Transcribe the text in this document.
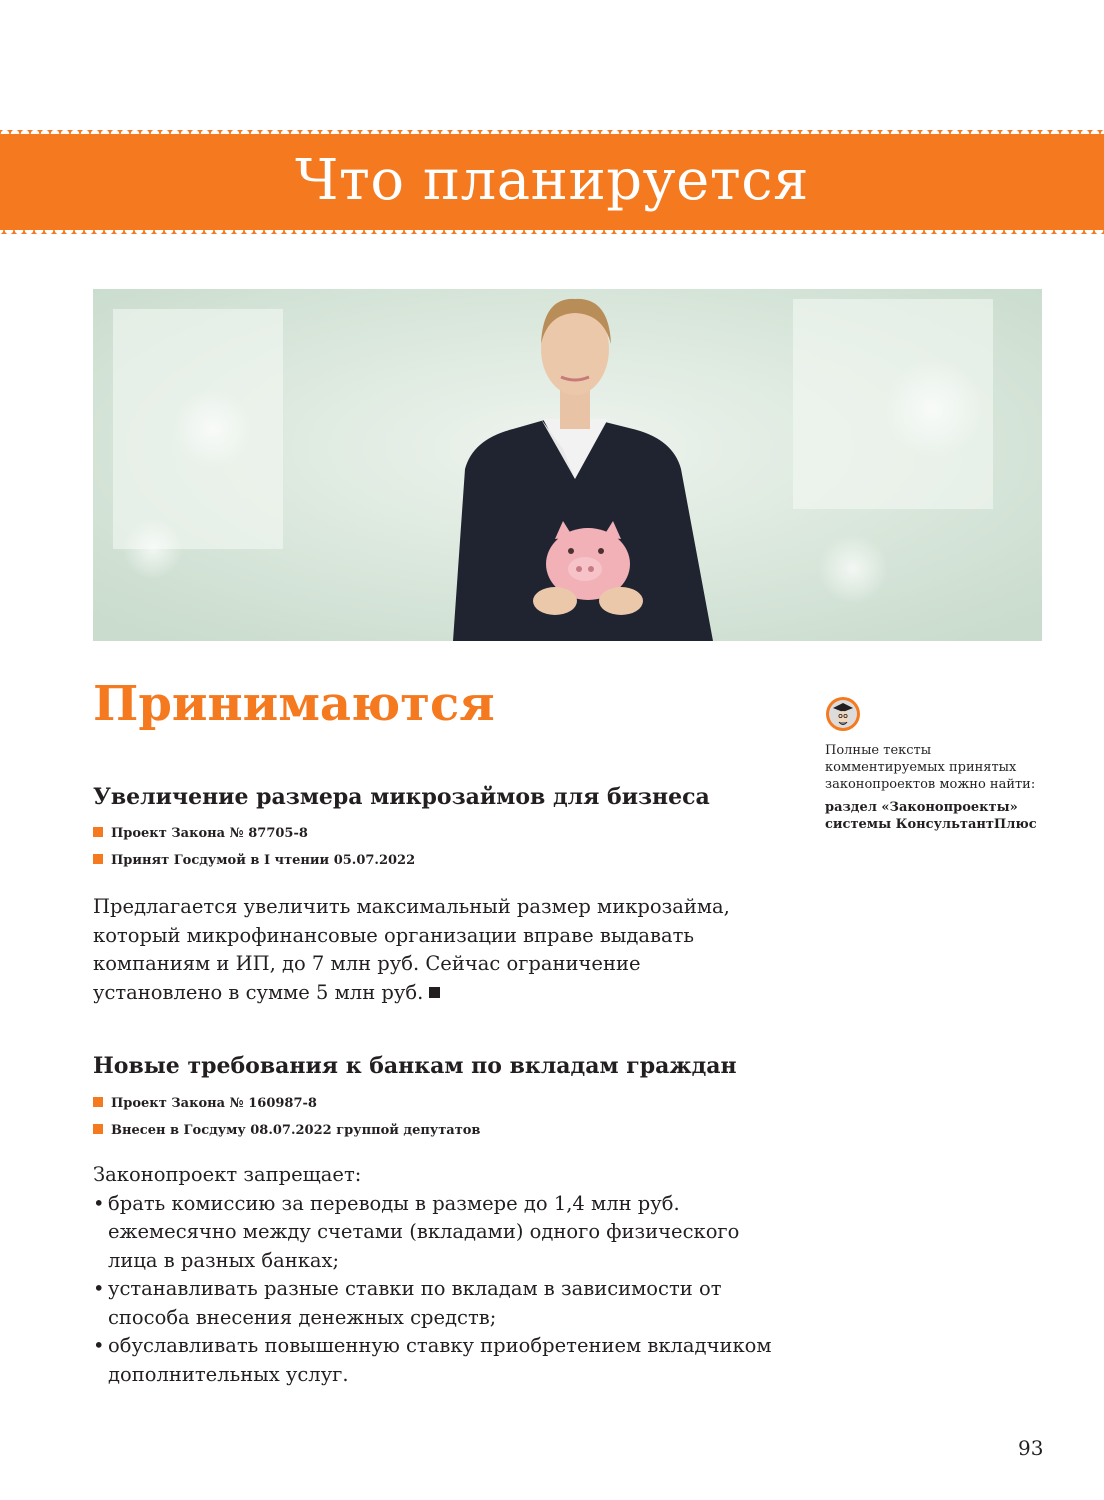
Что планируется
Принимаются
Полные тексты комментируемых принятых законопроектов можно найти:
раздел «Законопроекты» системы КонсультантПлюс
Увеличение размера микрозаймов для бизнеса
Проект Закона № 87705-8
Принят Госдумой в I чтении 05.07.2022
Предлагается увеличить максимальный размер микрозайма, который микрофинансовые организации вправе выдавать компаниям и ИП, до 7 млн руб. Сейчас ограничение установлено в сумме 5 млн руб.
Новые требования к банкам по вкладам граждан
Проект Закона № 160987-8
Внесен в Госдуму 08.07.2022 группой депутатов

Законопроект запрещает:

• брать комиссию за переводы в размере до 1,4 млн руб. ежемесячно между счетами (вкладами) одного физического лица в разных банках;
• устанавливать разные ставки по вкладам в зависимости от способа внесения денежных средств;
• обуславливать повышенную ставку приобретением вкладчиком дополнительных услуг.
93
